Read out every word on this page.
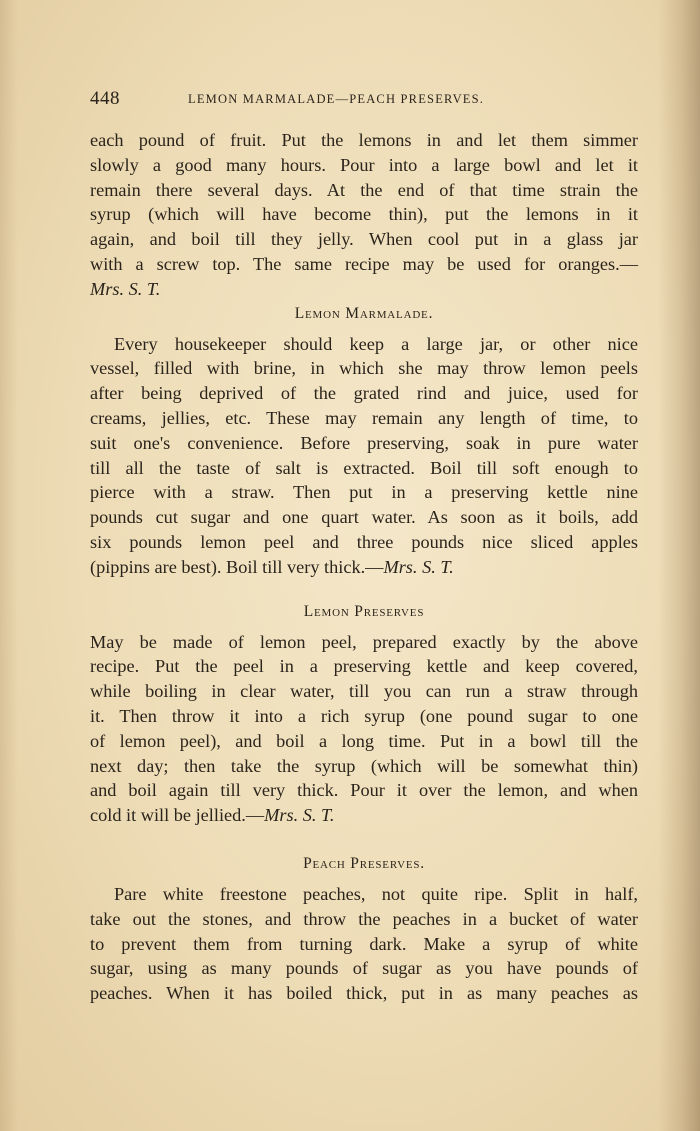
448	LEMON MARMALADE—PEACH PRESERVES.
each pound of fruit. Put the lemons in and let them simmer
slowly a good many hours. Pour into a large bowl and let it
remain there several days. At the end of that time strain the
syrup (which will have become thin), put the lemons in it
again, and boil till they jelly. When cool put in a glass jar
with a screw top. The same recipe may be used for oranges.—
Mrs. S. T.
Lemon Marmalade.
Every housekeeper should keep a large jar, or other nice
vessel, filled with brine, in which she may throw lemon peels
after being deprived of the grated rind and juice, used for
creams, jellies, etc. These may remain any length of time, to
suit one's convenience. Before preserving, soak in pure water
till all the taste of salt is extracted. Boil till soft enough to
pierce with a straw. Then put in a preserving kettle nine
pounds cut sugar and one quart water. As soon as it boils, add
six pounds lemon peel and three pounds nice sliced apples
(pippins are best). Boil till very thick.—Mrs. S. T.
Lemon Preserves
May be made of lemon peel, prepared exactly by the above
recipe. Put the peel in a preserving kettle and keep covered,
while boiling in clear water, till you can run a straw through
it. Then throw it into a rich syrup (one pound sugar to one
of lemon peel), and boil a long time. Put in a bowl till the
next day; then take the syrup (which will be somewhat thin)
and boil again till very thick. Pour it over the lemon, and when
cold it will be jellied.—Mrs. S. T.
Peach Preserves.
Pare white freestone peaches, not quite ripe. Split in half,
take out the stones, and throw the peaches in a bucket of water
to prevent them from turning dark. Make a syrup of white
sugar, using as many pounds of sugar as you have pounds of
peaches. When it has boiled thick, put in as many peaches as
